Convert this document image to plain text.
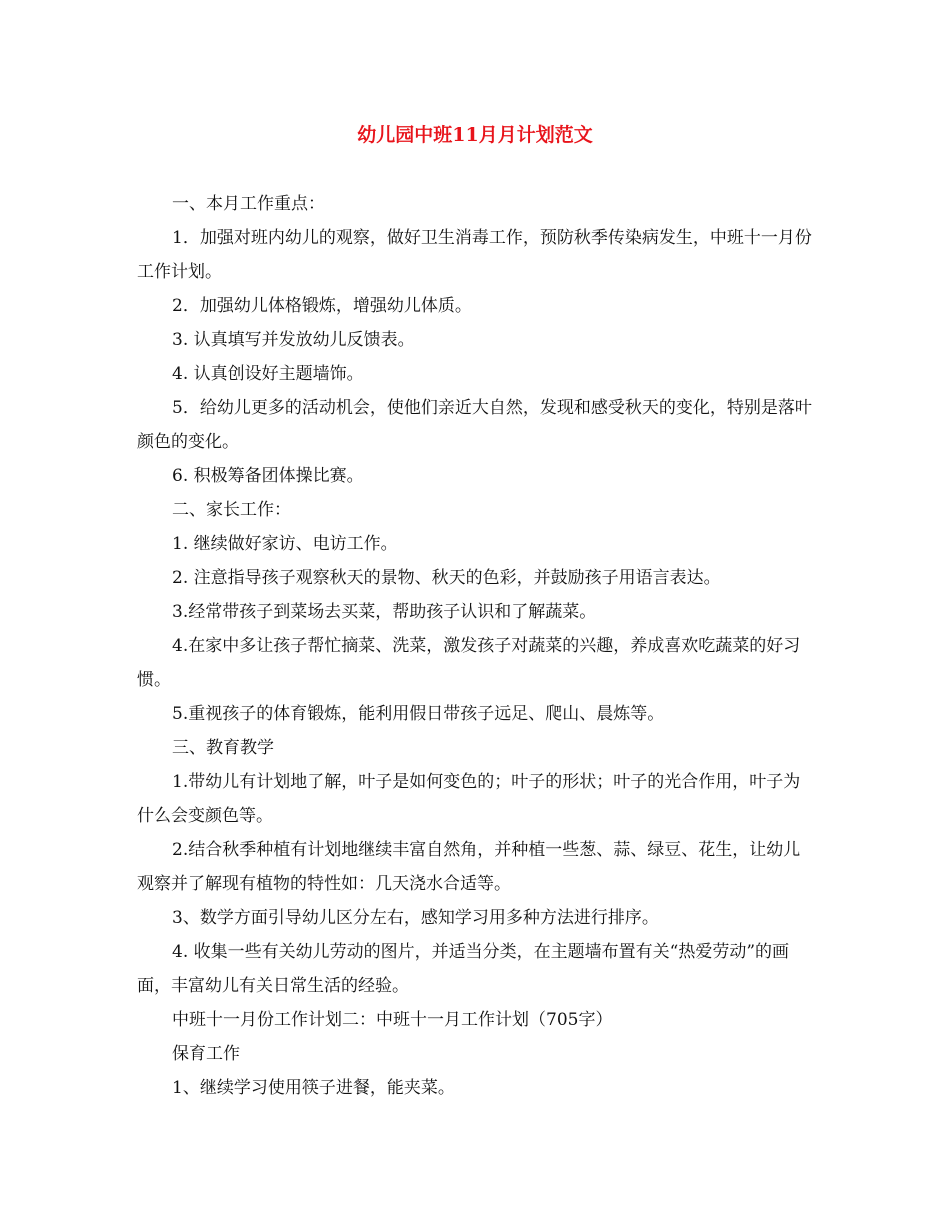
幼儿园中班11月月计划范文

一、本月工作重点：

1．加强对班内幼儿的观察，做好卫生消毒工作，预防秋季传染病发生，中班十一月份工作计划。

2．加强幼儿体格锻炼，增强幼儿体质。

3. 认真填写并发放幼儿反馈表。

4. 认真创设好主题墙饰。

5．给幼儿更多的活动机会，使他们亲近大自然，发现和感受秋天的变化，特别是落叶颜色的变化。

6. 积极筹备团体操比赛。

二、家长工作：

1. 继续做好家访、电访工作。

2. 注意指导孩子观察秋天的景物、秋天的色彩，并鼓励孩子用语言表达。

3.经常带孩子到菜场去买菜，帮助孩子认识和了解蔬菜。

4.在家中多让孩子帮忙摘菜、洗菜，激发孩子对蔬菜的兴趣，养成喜欢吃蔬菜的好习惯。

5.重视孩子的体育锻炼，能利用假日带孩子远足、爬山、晨炼等。

三、教育教学

1.带幼儿有计划地了解，叶子是如何变色的；叶子的形状；叶子的光合作用，叶子为什么会变颜色等。

2.结合秋季种植有计划地继续丰富自然角，并种植一些葱、蒜、绿豆、花生，让幼儿观察并了解现有植物的特性如：几天浇水合适等。

3、数学方面引导幼儿区分左右，感知学习用多种方法进行排序。

4. 收集一些有关幼儿劳动的图片，并适当分类，在主题墙布置有关“热爱劳动”的画面，丰富幼儿有关日常生活的经验。

中班十一月份工作计划二：中班十一月工作计划（705字）

保育工作

1、继续学习使用筷子进餐，能夹菜。
